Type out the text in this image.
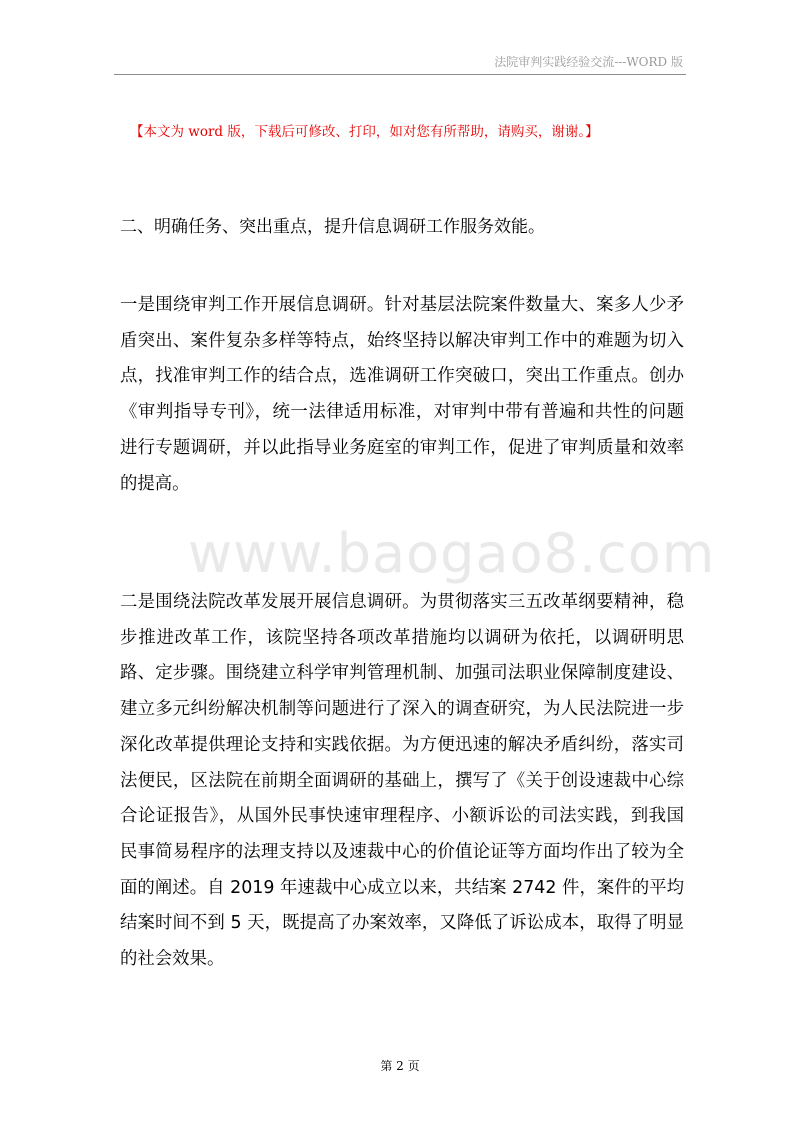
法院审判实践经验交流---WORD 版
【本文为 word 版，下载后可修改、打印，如对您有所帮助，请购买，谢谢。】
二、明确任务、突出重点，提升信息调研工作服务效能。
一是围绕审判工作开展信息调研。针对基层法院案件数量大、案多人少矛盾突出、案件复杂多样等特点，始终坚持以解决审判工作中的难题为切入点，找准审判工作的结合点，选准调研工作突破口，突出工作重点。创办《审判指导专刊》，统一法律适用标准，对审判中带有普遍和共性的问题进行专题调研，并以此指导业务庭室的审判工作，促进了审判质量和效率的提高。
www.baogao8.com
二是围绕法院改革发展开展信息调研。为贯彻落实三五改革纲要精神，稳步推进改革工作，该院坚持各项改革措施均以调研为依托，以调研明思路、定步骤。围绕建立科学审判管理机制、加强司法职业保障制度建设、建立多元纠纷解决机制等问题进行了深入的调查研究，为人民法院进一步深化改革提供理论支持和实践依据。为方便迅速的解决矛盾纠纷，落实司法便民，区法院在前期全面调研的基础上，撰写了《关于创设速裁中心综合论证报告》，从国外民事快速审理程序、小额诉讼的司法实践，到我国民事简易程序的法理支持以及速裁中心的价值论证等方面均作出了较为全面的阐述。自 2019 年速裁中心成立以来，共结案 2742 件，案件的平均结案时间不到 5 天，既提高了办案效率，又降低了诉讼成本，取得了明显的社会效果。
第 2 页
